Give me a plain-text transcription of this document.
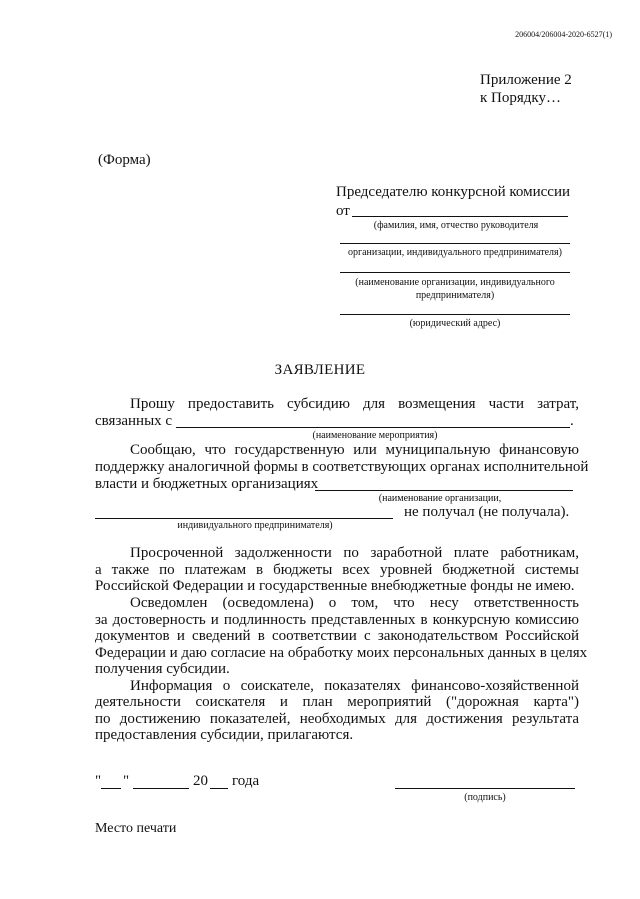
206004/206004-2020-6527(1)
Приложение 2
к Порядку…
(Форма)
Председателю конкурсной комиссии
от
(фамилия, имя, отчество руководителя
организации, индивидуального предпринимателя)
(наименование организации, индивидуального
предпринимателя)
(юридический адрес)
ЗАЯВЛЕНИЕ
Прошу предоставить субсидию для возмещения части затрат,
связанных с	.
(наименование мероприятия)
Сообщаю, что государственную или муниципальную финансовую
поддержку аналогичной формы в соответствующих органах исполнительной
власти и бюджетных организациях
(наименование организации,
не получал (не получала).
индивидуального предпринимателя)
Просроченной задолженности по заработной плате работникам,
а также по платежам в бюджеты всех уровней бюджетной системы
Российской Федерации и государственные внебюджетные фонды не имею.
Осведомлен (осведомлена) о том, что несу ответственность
за достоверность и подлинность представленных в конкурсную комиссию
документов и сведений в соответствии с законодательством Российской
Федерации и даю согласие на обработку моих персональных данных в целях
получения субсидии.
Информация о соискателе, показателях финансово-хозяйственной
деятельности соискателя и план мероприятий ("дорожная карта")
по достижению показателей, необходимых для достижения результата
предоставления субсидии, прилагаются.
" "	20 года
(подпись)
Место печати
